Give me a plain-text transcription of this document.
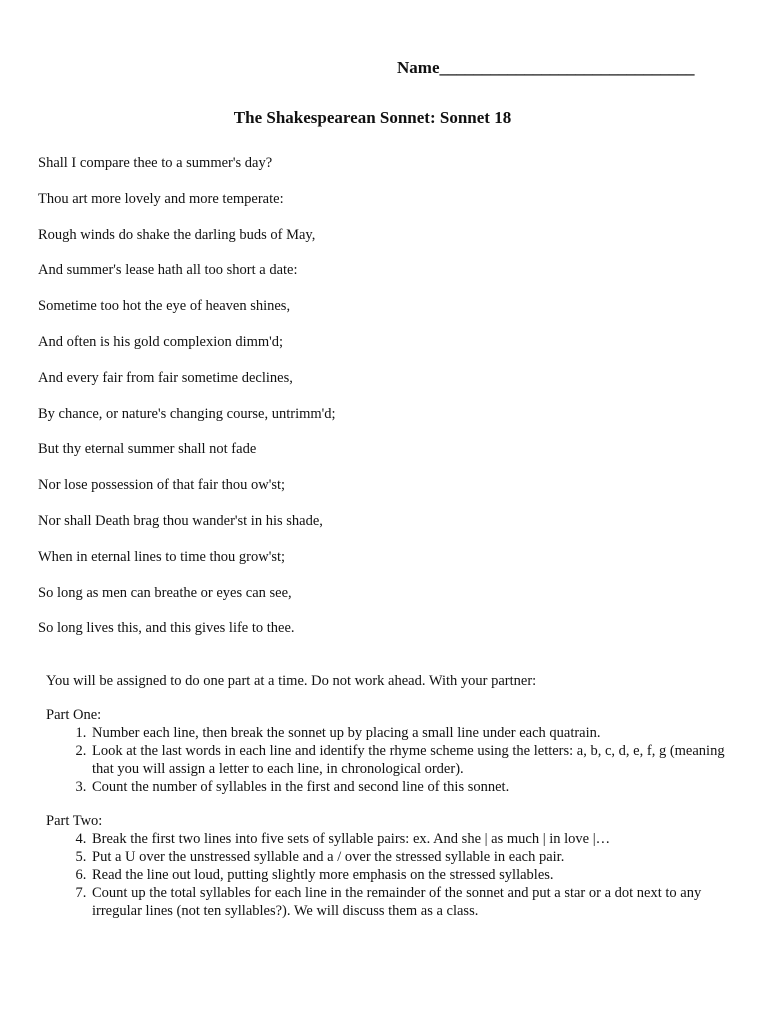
Name______________________________
The Shakespearean Sonnet: Sonnet 18
Shall I compare thee to a summer's day?
Thou art more lovely and more temperate:
Rough winds do shake the darling buds of May,
And summer's lease hath all too short a date:
Sometime too hot the eye of heaven shines,
And often is his gold complexion dimm'd;
And every fair from fair sometime declines,
By chance, or nature's changing course, untrimm'd;
But thy eternal summer shall not fade
Nor lose possession of that fair thou ow'st;
Nor shall Death brag thou wander'st in his shade,
When in eternal lines to time thou grow'st;
So long as men can breathe or eyes can see,
So long lives this, and this gives life to thee.
You will be assigned to do one part at a time. Do not work ahead. With your partner:
Part One:
1. Number each line, then break the sonnet up by placing a small line under each quatrain.
2. Look at the last words in each line and identify the rhyme scheme using the letters: a, b, c, d, e, f, g (meaning that you will assign a letter to each line, in chronological order).
3. Count the number of syllables in the first and second line of this sonnet.
Part Two:
4. Break the first two lines into five sets of syllable pairs: ex. And she | as much | in love |…
5. Put a U over the unstressed syllable and a / over the stressed syllable in each pair.
6. Read the line out loud, putting slightly more emphasis on the stressed syllables.
7. Count up the total syllables for each line in the remainder of the sonnet and put a star or a dot next to any irregular lines (not ten syllables?). We will discuss them as a class.
